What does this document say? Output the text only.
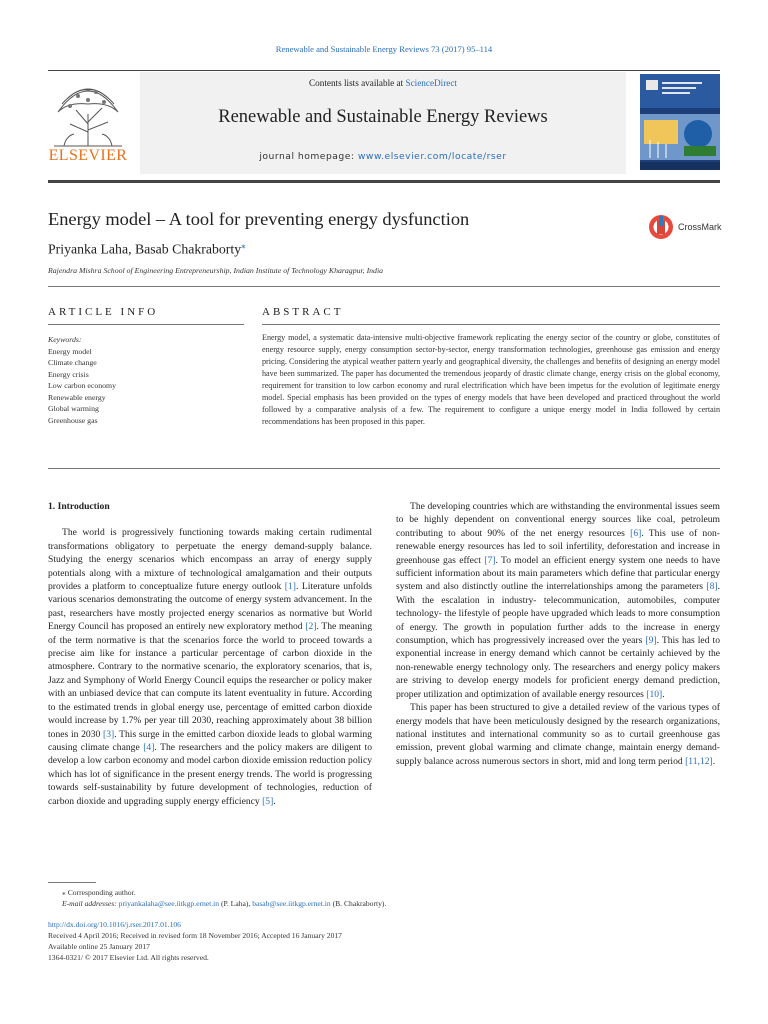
Renewable and Sustainable Energy Reviews 73 (2017) 95–114
ELSEVIER
Contents lists available at ScienceDirect
Renewable and Sustainable Energy Reviews
journal homepage: www.elsevier.com/locate/rser
Energy model – A tool for preventing energy dysfunction	CrossMark
Priyanka Laha, Basab Chakraborty⁎
Rajendra Mishra School of Engineering Entrepreneurship, Indian Institute of Technology Kharagpur, India
ARTICLE INFO	ABSTRACT
Keywords:
Energy model
Climate change
Energy crisis
Low carbon economy
Renewable energy
Global warming
Greenhouse gas
Energy model, a systematic data-intensive multi-objective framework replicating the energy sector of the country or globe, constitutes of energy resource supply, energy consumption sector-by-sector, energy transformation technologies, greenhouse gas emission and energy pricing. Considering the atypical weather pattern yearly and geographical diversity, the challenges and benefits of designing an energy model have been summarized. The paper has documented the tremendous jeopardy of drastic climate change, energy crisis on the global economy, requirement for transition to low carbon economy and rural electrification which have been impetus for the evolution of legitimate energy model. Special emphasis has been provided on the types of energy models that have been developed and practiced throughout the world followed by a comparative analysis of a few. The requirement to configure a unique energy model in India followed by certain recommendations has been proposed in this paper.
1. Introduction

The world is progressively functioning towards making certain rudimental transformations obligatory to perpetuate the energy demand-supply balance. Studying the energy scenarios which encompass an array of energy supply potentials along with a mixture of technological amalgamation and their outputs provides a platform to conceptualize future energy outlook [1]. Literature unfolds various scenarios demonstrating the outcome of energy system advancement. In the past, researchers have mostly projected energy scenarios as normative but World Energy Council has proposed an entirely new exploratory method [2]. The meaning of the term normative is that the scenarios force the world to proceed towards a precise aim like for instance a particular percentage of carbon dioxide in the atmosphere. Contrary to the normative scenario, the exploratory scenarios, that is, Jazz and Symphony of World Energy Council equips the researcher or policy maker with an unbiased device that can compute its latent eventuality in future. According to the estimated trends in global energy use, percentage of emitted carbon dioxide would increase by 1.7% per year till 2030, reaching approximately about 38 billion tones in 2030 [3]. This surge in the emitted carbon dioxide leads to global warming causing climate change [4]. The researchers and the policy makers are diligent to develop a low carbon economy and model carbon dioxide emission reduction policy which has lot of significance in the present energy trends. The world is progressing towards self-sustainability by future development of technologies, reduction of carbon dioxide and upgrading supply energy efficiency [5].

The developing countries which are withstanding the environmental issues seem to be highly dependent on conventional energy sources like coal, petroleum contributing to about 90% of the net energy resources [6]. This use of non-renewable energy resources has led to soil infertility, deforestation and increase in greenhouse gas effect [7]. To model an efficient energy system one needs to have sufficient information about its main parameters which define that particular energy system and also distinctly outline the interrelationships among the parameters [8]. With the escalation in industry- telecommunication, automobiles, computer technology- the lifestyle of people have upgraded which leads to more consumption of energy. The growth in population further adds to the increase in energy consumption, which has progressively increased over the years [9]. This has led to exponential increase in energy demand which cannot be certainly achieved by the non-renewable energy technology only. The researchers and energy policy makers are striving to develop energy models for proficient energy demand prediction, proper utilization and optimization of available energy resources [10].

This paper has been structured to give a detailed review of the various types of energy models that have been meticulously designed by the research organizations, national institutes and international community so as to curtail greenhouse gas emission, prevent global warming and climate change, maintain energy demand- supply balance across numerous sectors in short, mid and long term period [11,12].

⁎ Corresponding author.
E-mail addresses: priyankalaha@see.iitkgp.ernet.in (P. Laha), basab@see.iitkgp.ernet.in (B. Chakraborty).
http://dx.doi.org/10.1016/j.rser.2017.01.106
Received 4 April 2016; Received in revised form 18 November 2016; Accepted 16 January 2017
Available online 25 January 2017
1364-0321/ © 2017 Elsevier Ltd. All rights reserved.
